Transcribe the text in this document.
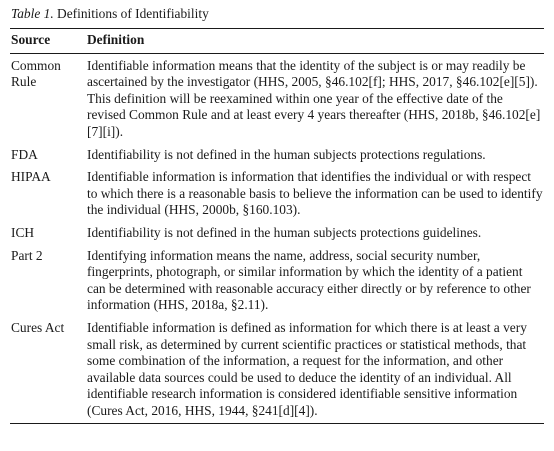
Table 1. Definitions of Identifiability
Source	Definition
Common Rule	Identifiable information means that the identity of the subject is or may readily be ascertained by the investigator (HHS, 2005, §46.102[f]; HHS, 2017, §46.102[e][5]). This definition will be reexamined within one year of the effective date of the revised Common Rule and at least every 4 years thereafter (HHS, 2018b, §46.102[e][7][i]).
FDA	Identifiability is not defined in the human subjects protections regulations.
HIPAA	Identifiable information is information that identifies the individual or with respect to which there is a reasonable basis to believe the information can be used to identify the individual (HHS, 2000b, §160.103).
ICH	Identifiability is not defined in the human subjects protections guidelines.
Part 2	Identifying information means the name, address, social security number, fingerprints, photograph, or similar information by which the identity of a patient can be determined with reasonable accuracy either directly or by reference to other information (HHS, 2018a, §2.11).
Cures Act	Identifiable information is defined as information for which there is at least a very small risk, as determined by current scientific practices or statistical methods, that some combination of the information, a request for the information, and other available data sources could be used to deduce the identity of an individual. All identifiable research information is considered identifiable sensitive information (Cures Act, 2016, HHS, 1944, §241[d][4]).
